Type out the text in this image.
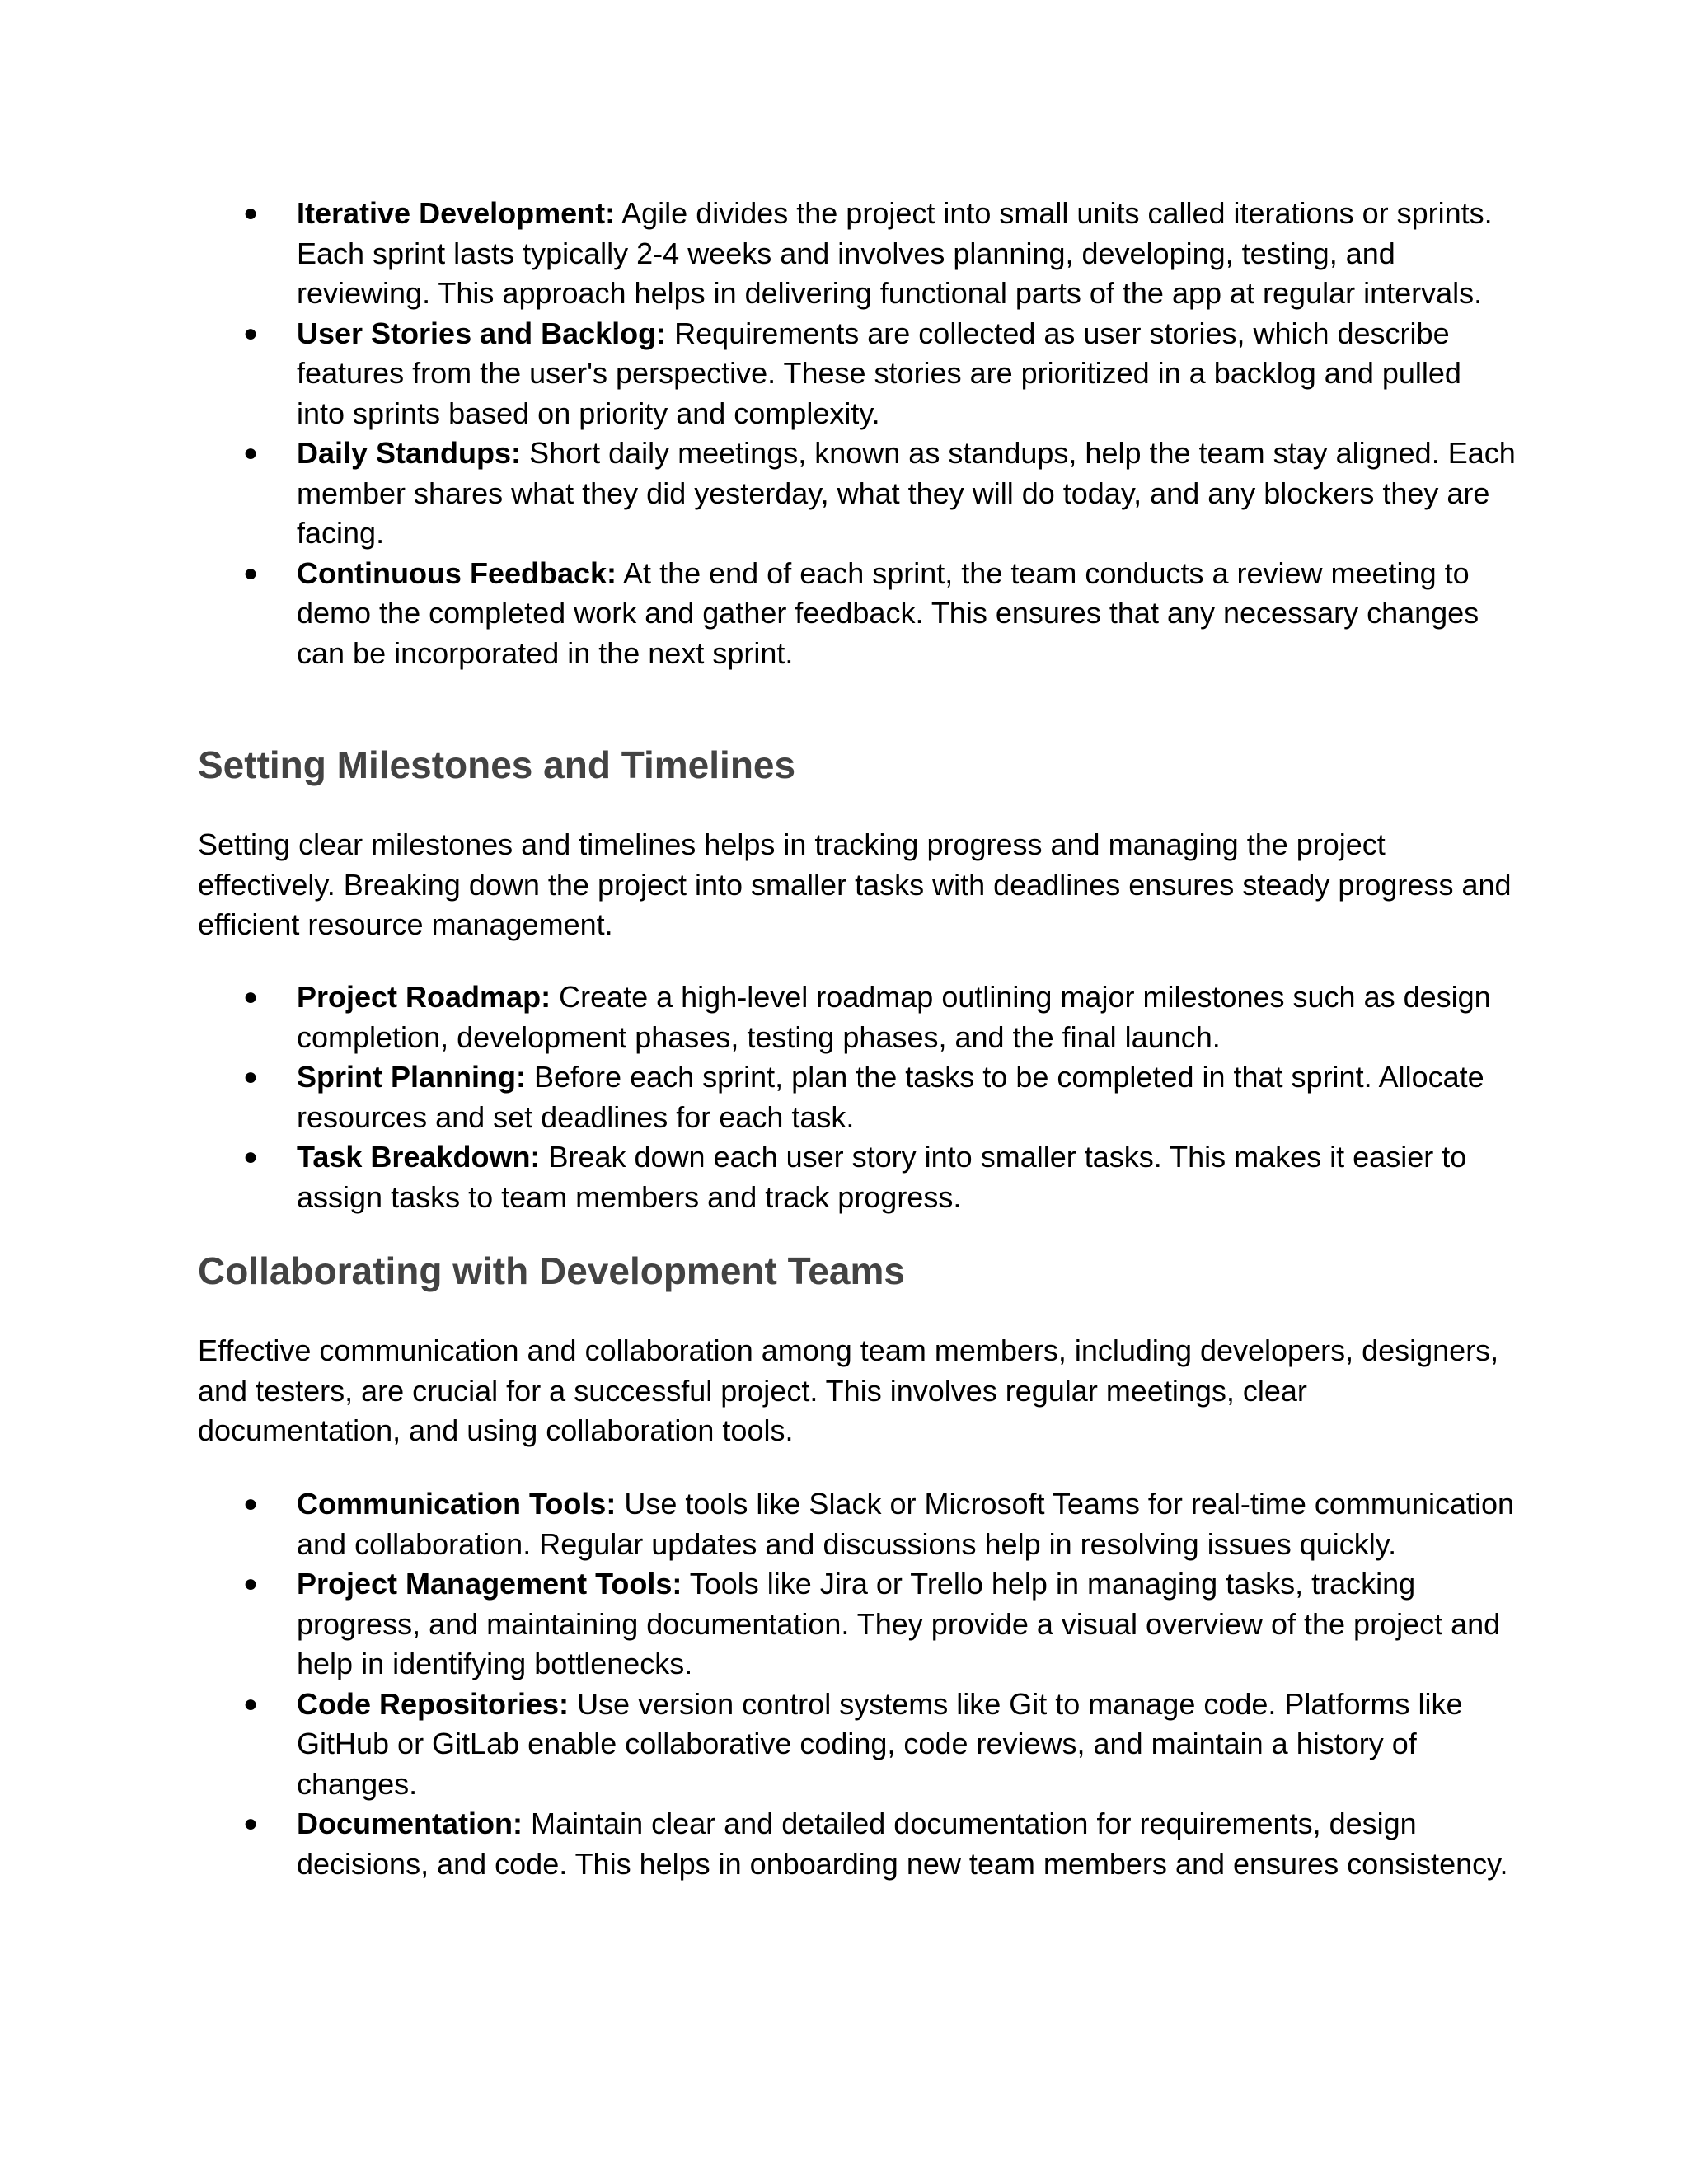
● Iterative Development: Agile divides the project into small units called iterations or sprints. Each sprint lasts typically 2-4 weeks and involves planning, developing, testing, and reviewing. This approach helps in delivering functional parts of the app at regular intervals.
● User Stories and Backlog: Requirements are collected as user stories, which describe features from the user's perspective. These stories are prioritized in a backlog and pulled into sprints based on priority and complexity.
● Daily Standups: Short daily meetings, known as standups, help the team stay aligned. Each member shares what they did yesterday, what they will do today, and any blockers they are facing.
● Continuous Feedback: At the end of each sprint, the team conducts a review meeting to demo the completed work and gather feedback. This ensures that any necessary changes can be incorporated in the next sprint.
Setting Milestones and Timelines

Setting clear milestones and timelines helps in tracking progress and managing the project effectively. Breaking down the project into smaller tasks with deadlines ensures steady progress and efficient resource management.

● Project Roadmap: Create a high-level roadmap outlining major milestones such as design completion, development phases, testing phases, and the final launch.
● Sprint Planning: Before each sprint, plan the tasks to be completed in that sprint. Allocate resources and set deadlines for each task.
● Task Breakdown: Break down each user story into smaller tasks. This makes it easier to assign tasks to team members and track progress.
Collaborating with Development Teams

Effective communication and collaboration among team members, including developers, designers, and testers, are crucial for a successful project. This involves regular meetings, clear documentation, and using collaboration tools.

● Communication Tools: Use tools like Slack or Microsoft Teams for real-time communication and collaboration. Regular updates and discussions help in resolving issues quickly.
● Project Management Tools: Tools like Jira or Trello help in managing tasks, tracking progress, and maintaining documentation. They provide a visual overview of the project and help in identifying bottlenecks.
● Code Repositories: Use version control systems like Git to manage code. Platforms like GitHub or GitLab enable collaborative coding, code reviews, and maintain a history of changes.
● Documentation: Maintain clear and detailed documentation for requirements, design decisions, and code. This helps in onboarding new team members and ensures consistency.
